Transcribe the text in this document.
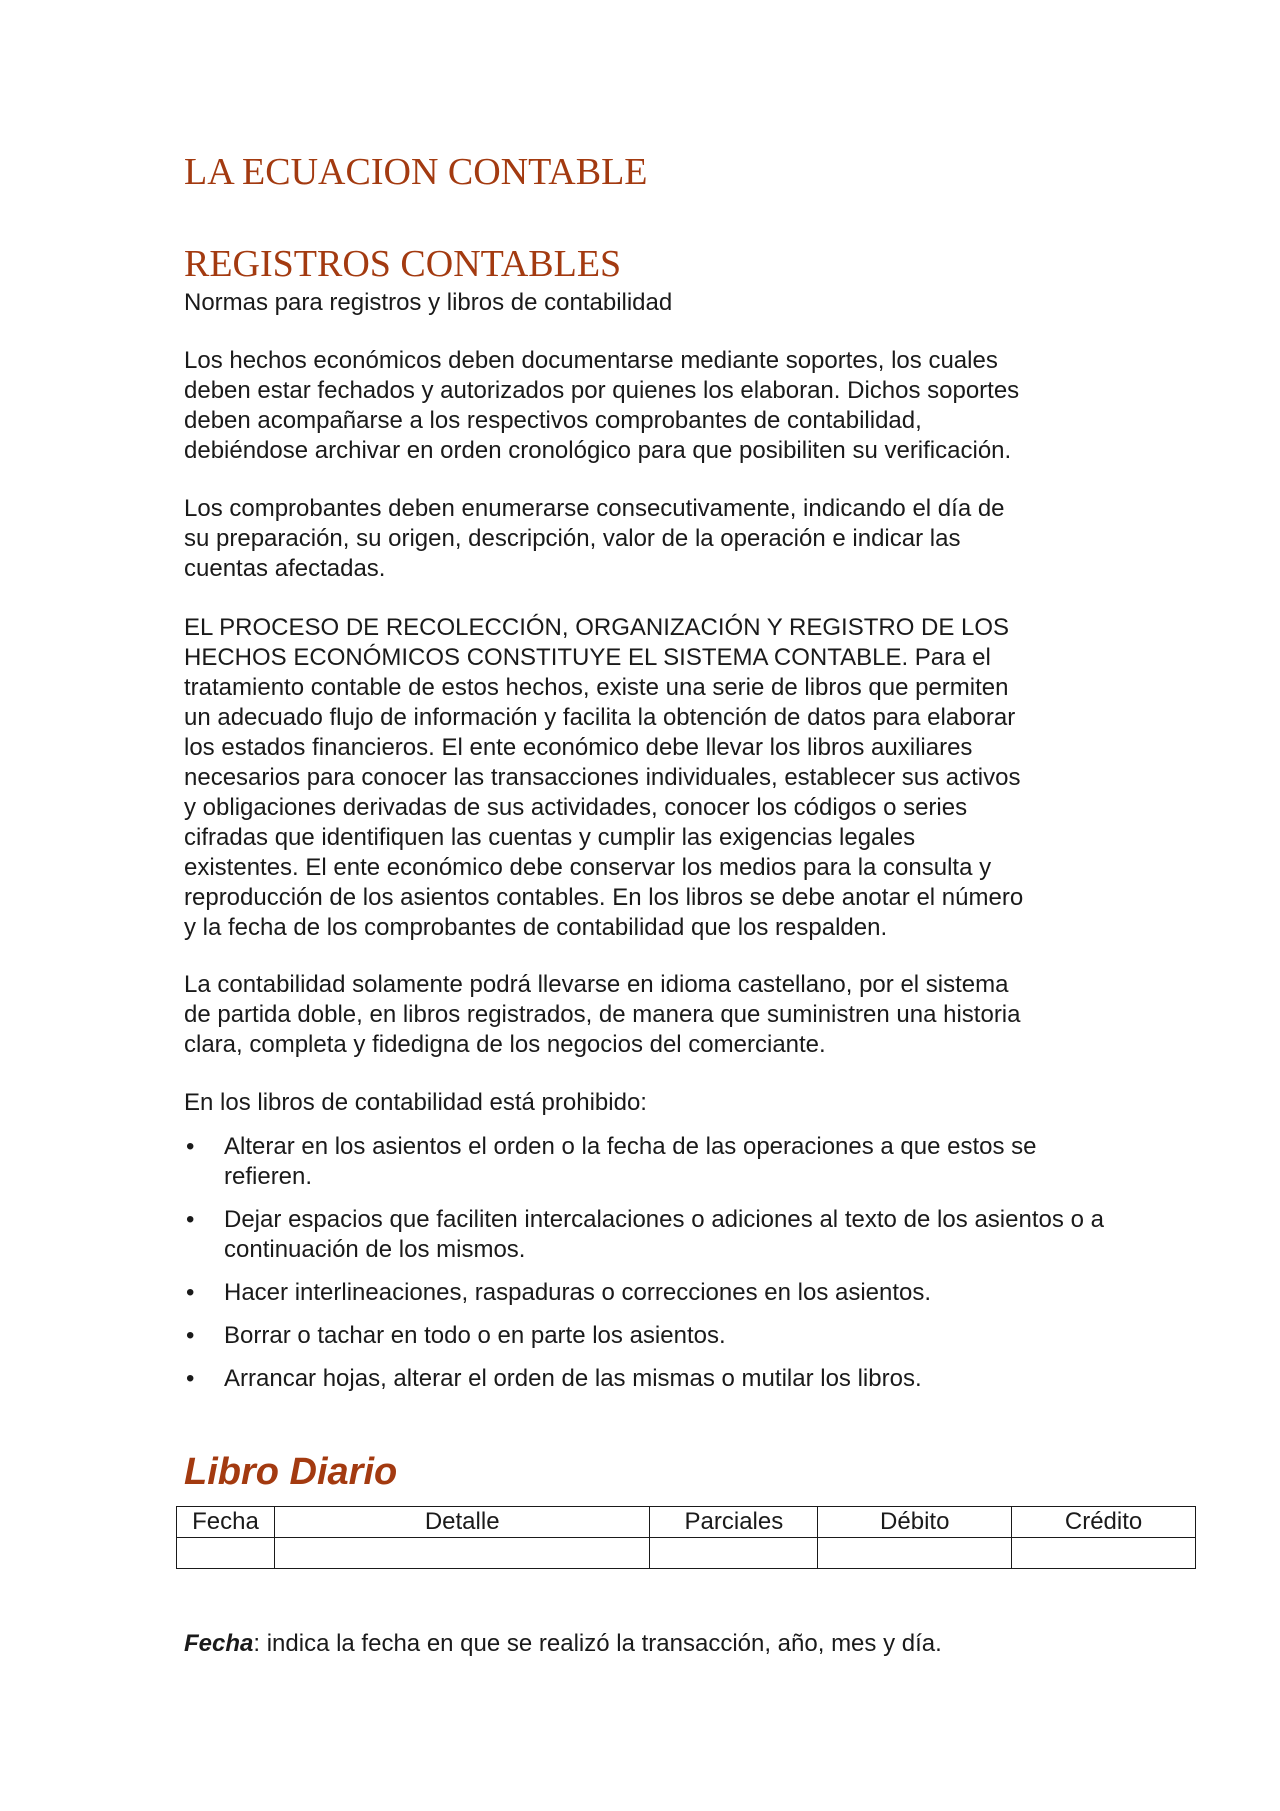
LA ECUACION CONTABLE
REGISTROS CONTABLES

Normas para registros y libros de contabilidad

Los hechos económicos deben documentarse mediante soportes, los cuales
deben estar fechados y autorizados por quienes los elaboran. Dichos soportes
deben acompañarse a los respectivos comprobantes de contabilidad,
debiéndose archivar en orden cronológico para que posibiliten su verificación.
Los comprobantes deben enumerarse consecutivamente, indicando el día de
su preparación, su origen, descripción, valor de la operación e indicar las
cuentas afectadas.
EL PROCESO DE RECOLECCIÓN, ORGANIZACIÓN Y REGISTRO DE LOS
HECHOS ECONÓMICOS CONSTITUYE EL SISTEMA CONTABLE. Para el
tratamiento contable de estos hechos, existe una serie de libros que permiten
un adecuado flujo de información y facilita la obtención de datos para elaborar
los estados financieros. El ente económico debe llevar los libros auxiliares
necesarios para conocer las transacciones individuales, establecer sus activos
y obligaciones derivadas de sus actividades, conocer los códigos o series
cifradas que identifiquen las cuentas y cumplir las exigencias legales
existentes. El ente económico debe conservar los medios para la consulta y
reproducción de los asientos contables. En los libros se debe anotar el número
y la fecha de los comprobantes de contabilidad que los respalden.
La contabilidad solamente podrá llevarse en idioma castellano, por el sistema
de partida doble, en libros registrados, de manera que suministren una historia
clara, completa y fidedigna de los negocios del comerciante.

En los libros de contabilidad está prohibido:

• Alterar en los asientos el orden o la fecha de las operaciones a que estos se refieren.
• Dejar espacios que faciliten intercalaciones o adiciones al texto de los asientos o a continuación de los mismos.
• Hacer interlineaciones, raspaduras o correcciones en los asientos.
• Borrar o tachar en todo o en parte los asientos.
• Arrancar hojas, alterar el orden de las mismas o mutilar los libros.
Libro Diario
Fecha	Detalle	Parciales	Débito	Crédito

Fecha: indica la fecha en que se realizó la transacción, año, mes y día.
